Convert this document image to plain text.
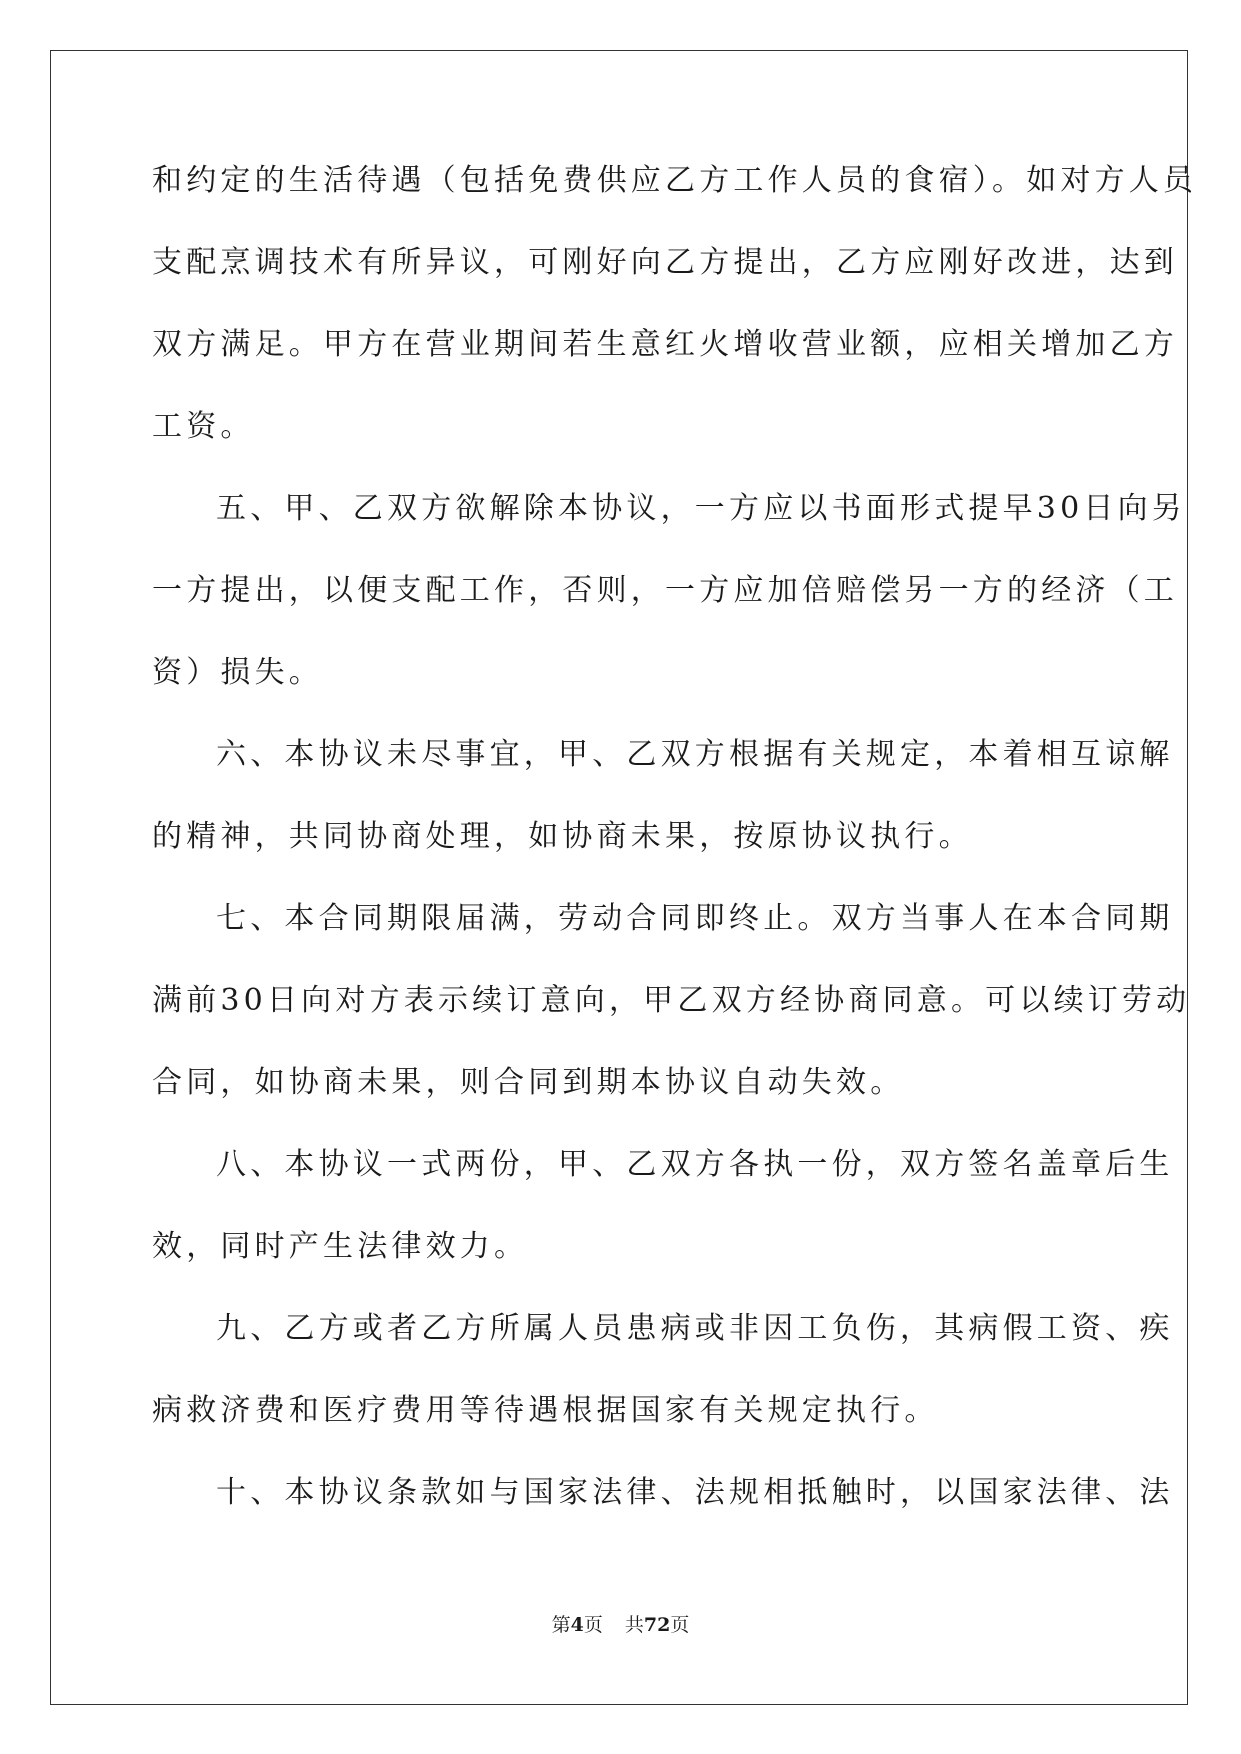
和约定的生活待遇（包括免费供应乙方工作人员的食宿）。如对方人员
支配烹调技术有所异议，可刚好向乙方提出，乙方应刚好改进，达到
双方满足。甲方在营业期间若生意红火增收营业额，应相关增加乙方
工资。
五、甲、乙双方欲解除本协议，一方应以书面形式提早30日向另
一方提出，以便支配工作，否则，一方应加倍赔偿另一方的经济（工
资）损失。
六、本协议未尽事宜，甲、乙双方根据有关规定，本着相互谅解
的精神，共同协商处理，如协商未果，按原协议执行。
七、本合同期限届满，劳动合同即终止。双方当事人在本合同期
满前30日向对方表示续订意向，甲乙双方经协商同意。可以续订劳动
合同，如协商未果，则合同到期本协议自动失效。
八、本协议一式两份，甲、乙双方各执一份，双方签名盖章后生
效，同时产生法律效力。
九、乙方或者乙方所属人员患病或非因工负伤，其病假工资、疾
病救济费和医疗费用等待遇根据国家有关规定执行。
十、本协议条款如与国家法律、法规相抵触时，以国家法律、法
第4页 共72页
